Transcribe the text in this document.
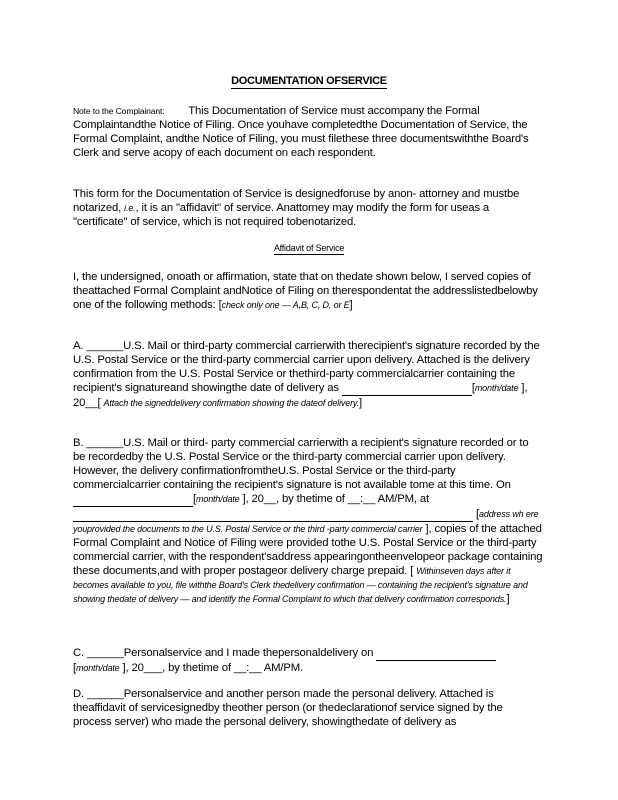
DOCUMENTATION OFSERVICE
Note to the Complainant: This Documentation of Service must accompany the Formal Complaintandthe Notice of Filing. Once youhave completedthe Documentation of Service, the Formal Complaint, andthe Notice of Filing, you must filethese three documentswiththe Board's Clerk and serve acopy of each document on each respondent.
This form for the Documentation of Service is designedforuse by anon- attorney and mustbe notarized, i.e., it is an "affidavit" of service. Anattorney may modify the form for useas a "certificate" of service, which is not required tobenotarized.
Affidavit of Service
I, the undersigned, onoath or affirmation, state that on thedate shown below, I served copies of theattached Formal Complaint andNotice of Filing on therespondentat the addresslistedbelowby one of the following methods: [check only one — A,B, C, D, or E]
A. ______U.S. Mail or third-party commercial carrierwith therecipient's signature recorded by the U.S. Postal Service or the third-party commercial carrier upon delivery. Attached is the delivery confirmation from the U.S. Postal Service or thethird-party commercialcarrier containing the recipient's signatureand showingthe date of delivery as	[month/date ], 20__[ Attach the signeddelivery confirmation showing the dateof delivery.]
B. ______U.S. Mail or third- party commercial carrierwith a recipient's signature recorded or to be recordedby the U.S. Postal Service or the third-party commercial carrier upon delivery. However, the delivery confirmationfromtheU.S. Postal Service or the third-party commercialcarrier containing the recipient's signature is not available tome at this time. On  [month/date ], 20__, by thetime of __:__ AM/PM, at   [address wh ere youprovided the documents to the U.S. Postal Service or the third -party commercial carrier ], copies of the attached Formal Complaint and Notice of Filing were provided tothe U.S. Postal Service or the third-party commercial carrier, with the respondent'saddress appearingontheenvelopeor package containing these documents,and with proper postageor delivery charge prepaid. [ Withinseven days after it becomes available to you, file withthe Board's Clerk thedelivery confirmation — containing the recipient's signature and showing thedate of delivery — and identify the Formal Complaint to which that delivery confirmation corresponds.]
C. ______Personalservice and I made thepersonaldelivery on   [month/date ], 20___, by thetime of __:__ AM/PM.
D. ______Personalservice and another person made the personal delivery. Attached is theaffidavit of servicesignedby theother person (or thedeclarationof service signed by the process server) who made the personal delivery, showingthedate of delivery as
